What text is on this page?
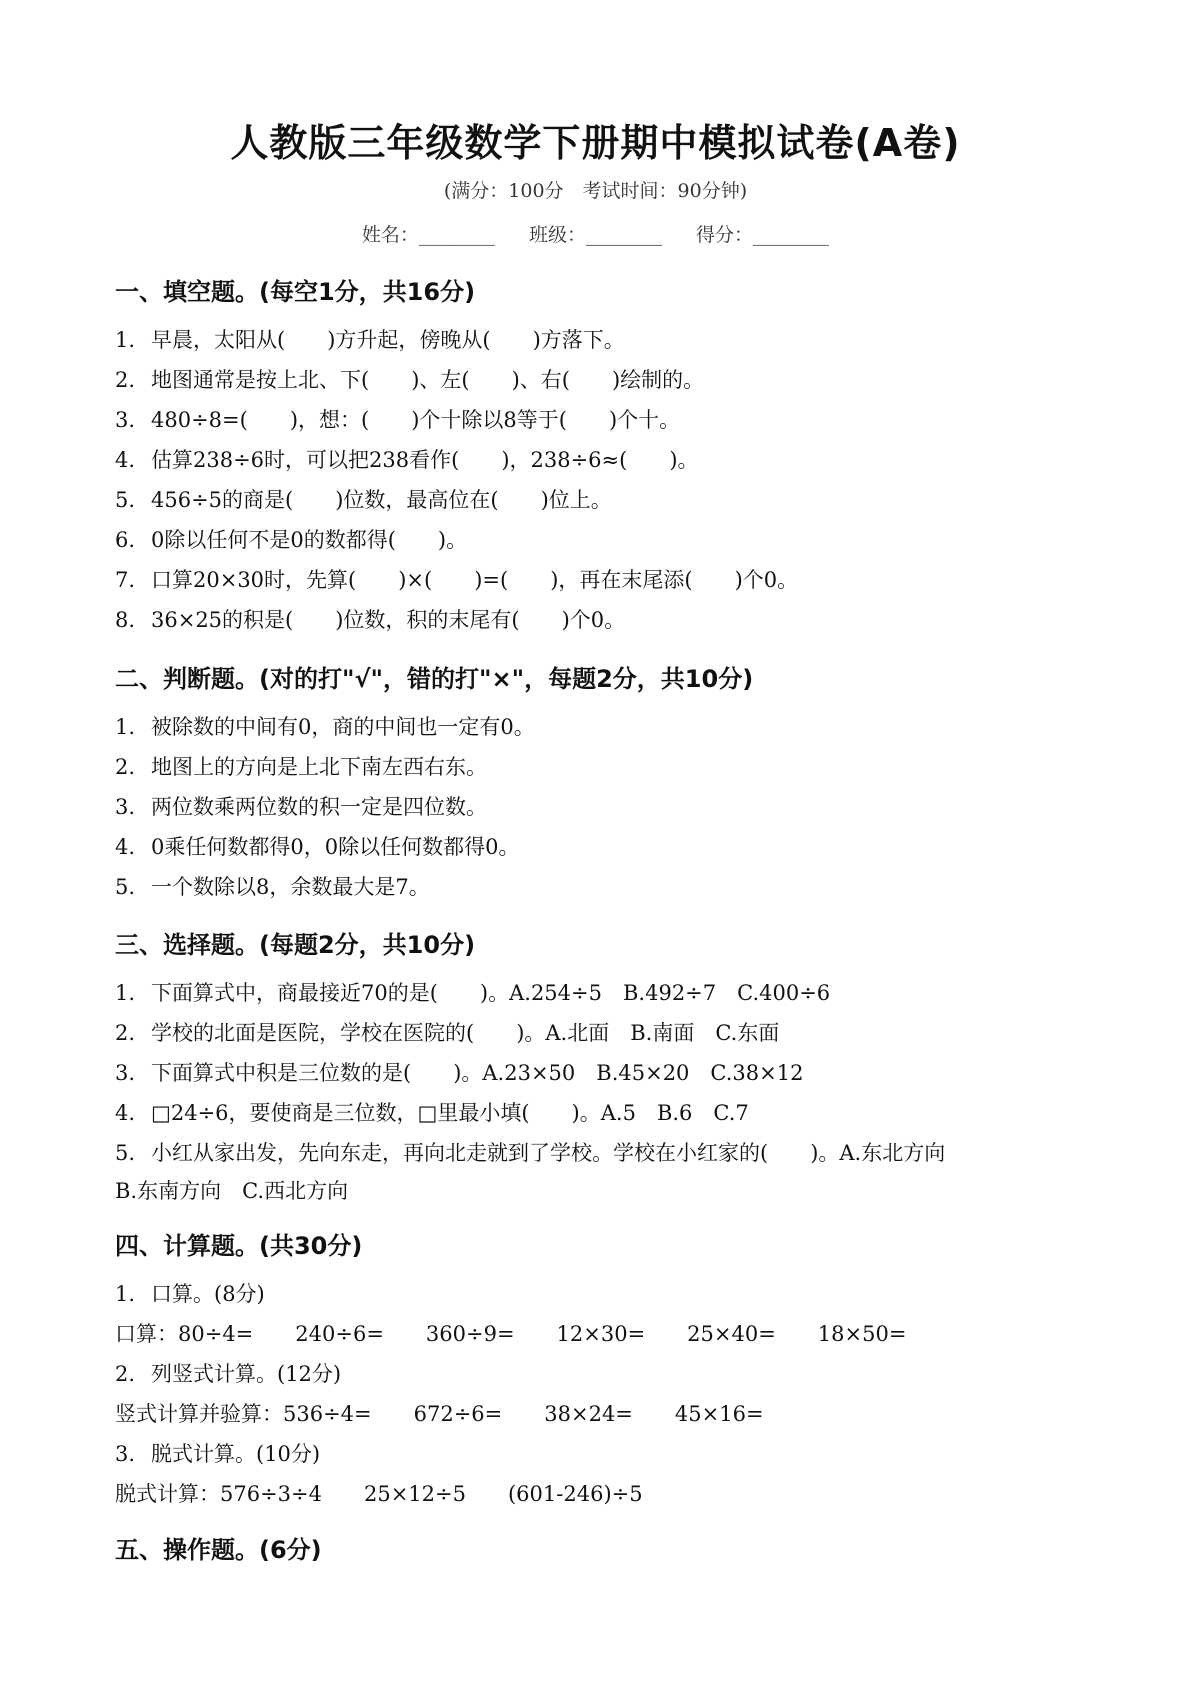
人教版三年级数学下册期中模拟试卷(A卷)
(满分：100分　考试时间：90分钟)
姓名：________ 班级：________ 得分：________
一、填空题。(每空1分，共16分)
1. 早晨，太阳从(　　)方升起，傍晚从(　　)方落下。
2. 地图通常是按上北、下(　　)、左(　　)、右(　　)绘制的。
3. 480÷8=(　　)，想：(　　)个十除以8等于(　　)个十。
4. 估算238÷6时，可以把238看作(　　)，238÷6≈(　　)。
5. 456÷5的商是(　　)位数，最高位在(　　)位上。
6. 0除以任何不是0的数都得(　　)。
7. 口算20×30时，先算(　　)×(　　)=(　　)，再在末尾添(　　)个0。
8. 36×25的积是(　　)位数，积的末尾有(　　)个0。
二、判断题。(对的打"√"，错的打"×"，每题2分，共10分)
1. 被除数的中间有0，商的中间也一定有0。
2. 地图上的方向是上北下南左西右东。
3. 两位数乘两位数的积一定是四位数。
4. 0乘任何数都得0，0除以任何数都得0。
5. 一个数除以8，余数最大是7。
三、选择题。(每题2分，共10分)
1. 下面算式中，商最接近70的是(　　)。A.254÷5　B.492÷7　C.400÷6
2. 学校的北面是医院，学校在医院的(　　)。A.北面　B.南面　C.东面
3. 下面算式中积是三位数的是(　　)。A.23×50　B.45×20　C.38×12
4. □24÷6，要使商是三位数，□里最小填(　　)。A.5　B.6　C.7
5. 小红从家出发，先向东走，再向北走就到了学校。学校在小红家的(　　)。A.东北方向
B.东南方向　C.西北方向
四、计算题。(共30分)
1. 口算。(8分)
口算：80÷4=　　240÷6=　　360÷9=　　12×30=　　25×40=　　18×50=
2. 列竖式计算。(12分)
竖式计算并验算：536÷4=　　672÷6=　　38×24=　　45×16=
3. 脱式计算。(10分)
脱式计算：576÷3÷4　　25×12÷5　　(601-246)÷5
五、操作题。(6分)
